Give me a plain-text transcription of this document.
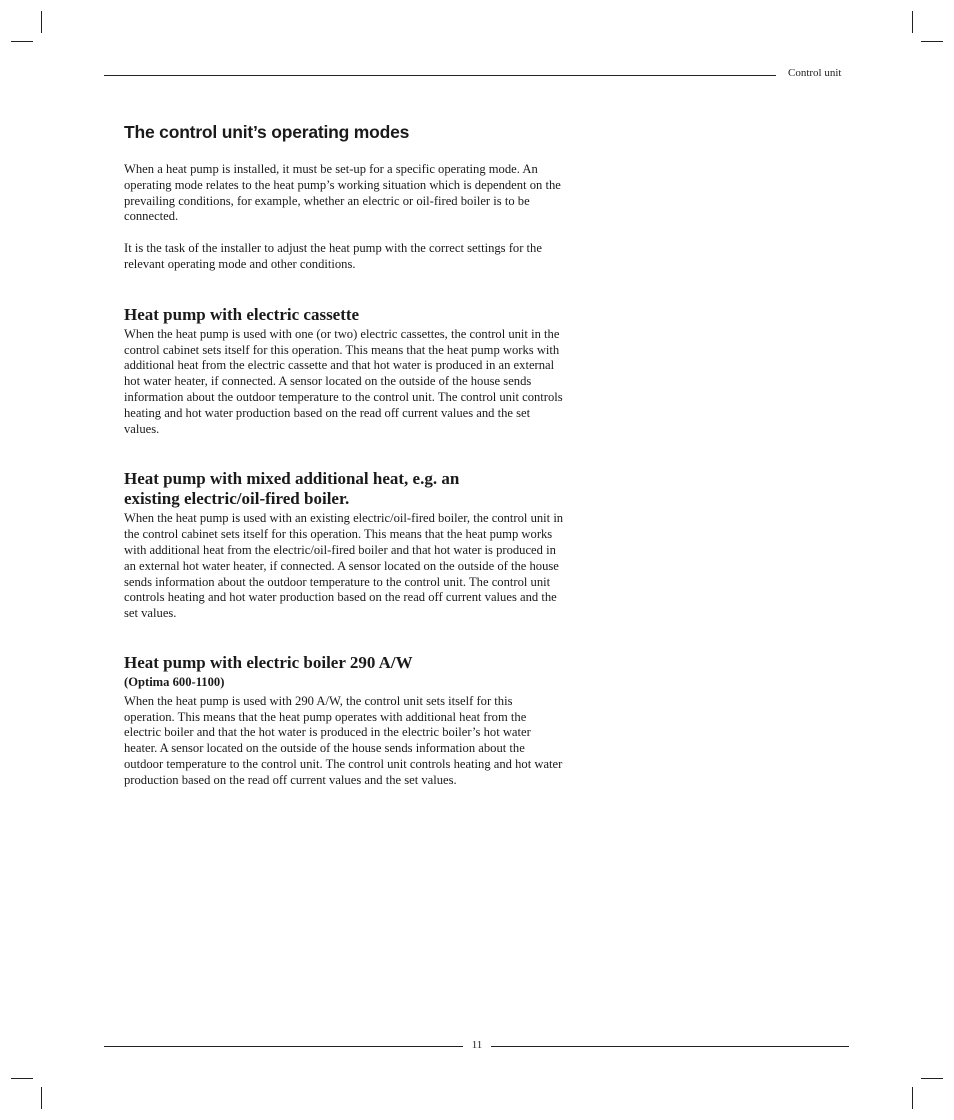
Control unit
The control unit’s operating modes

When a heat pump is installed, it must be set-up for a specific operating mode. An operating mode relates to the heat pump’s working situation which is dependent on the prevailing conditions, for example, whether an electric or oil-fired boiler is to be connected.

It is the task of the installer to adjust the heat pump with the correct settings for the relevant operating mode and other conditions.

Heat pump with electric cassette

When the heat pump is used with one (or two) electric cassettes, the control unit in the control cabinet sets itself for this operation. This means that the heat pump works with additional heat from the electric cassette and that hot water is produced in an external hot water heater, if connected. A sensor located on the outside of the house sends information about the outdoor temperature to the control unit. The control unit controls heating and hot water production based on the read off current values and the set values.

Heat pump with mixed additional heat, e.g. an
existing electric/oil-fired boiler.

When the heat pump is used with an existing electric/oil-fired boiler, the control unit in the control cabinet sets itself for this operation. This means that the heat pump works with additional heat from the electric/oil-fired boiler and that hot water is produced in an external hot water heater, if connected. A sensor located on the outside of the house sends information about the outdoor temperature to the control unit. The control unit controls heating and hot water production based on the read off current values and the set values.

Heat pump with electric boiler 290 A/W
(Optima 600-1100)

When the heat pump is used with 290 A/W, the control unit sets itself for this operation. This means that the heat pump operates with additional heat from the electric boiler and that the hot water is produced in the electric boiler’s hot water heater. A sensor located on the outside of the house sends information about the outdoor temperature to the control unit. The control unit controls heating and hot water production based on the read off current values and the set values.

11
